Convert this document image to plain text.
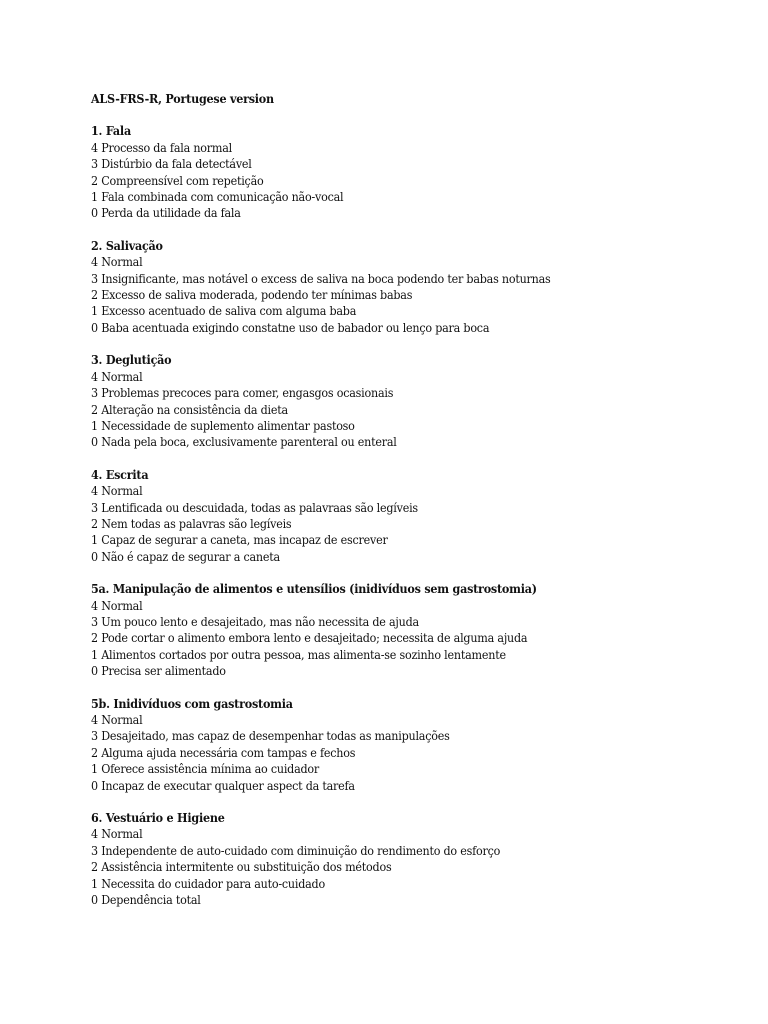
ALS-FRS-R, Portugese version
1. Fala
4 Processo da fala normal
3 Distúrbio da fala detectável
2 Compreensível com repetição
1 Fala combinada com comunicação não-vocal
0 Perda da utilidade da fala
2. Salivação
4 Normal
3 Insignificante, mas notável o excess de saliva na boca podendo ter babas noturnas
2 Excesso de saliva moderada, podendo ter mínimas babas
1 Excesso acentuado de saliva com alguma baba
0 Baba acentuada exigindo constatne uso de babador ou lenço para boca
3. Deglutição
4 Normal
3 Problemas precoces para comer, engasgos ocasionais
2 Alteração na consistência da dieta
1 Necessidade de suplemento alimentar pastoso
0 Nada pela boca, exclusivamente parenteral ou enteral
4. Escrita
4 Normal
3 Lentificada ou descuidada, todas as palavraas são legíveis
2 Nem todas as palavras são legíveis
1 Capaz de segurar a caneta, mas incapaz de escrever
0 Não é capaz de segurar a caneta
5a. Manipulação de alimentos e utensílios (inidivíduos sem gastrostomia)
4 Normal
3 Um pouco lento e desajeitado, mas não necessita de ajuda
2 Pode cortar o alimento embora lento e desajeitado; necessita de alguma ajuda
1 Alimentos cortados por outra pessoa, mas alimenta-se sozinho lentamente
0 Precisa ser alimentado
5b. Inidivíduos com gastrostomia
4 Normal
3 Desajeitado, mas capaz de desempenhar todas as manipulações
2 Alguma ajuda necessária com tampas e fechos
1 Oferece assistência mínima ao cuidador
0 Incapaz de executar qualquer aspect da tarefa
6. Vestuário e Higiene
4 Normal
3 Independente de auto-cuidado com diminuição do rendimento do esforço
2 Assistência intermitente ou substituição dos métodos
1 Necessita do cuidador para auto-cuidado
0 Dependência total
